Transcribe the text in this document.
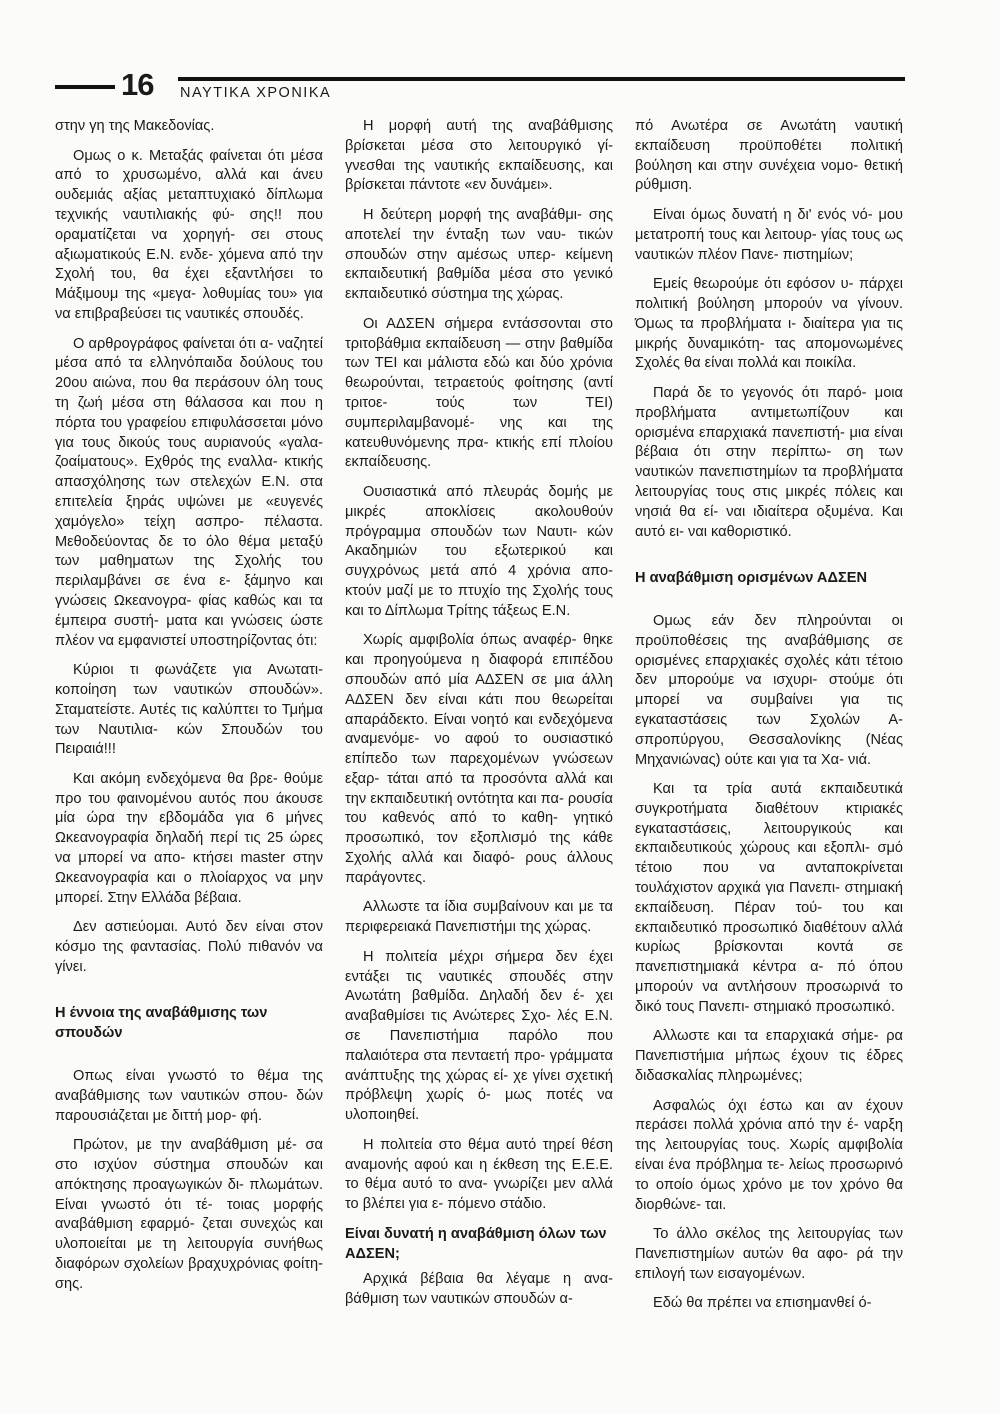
16 ΝΑΥΤΙΚΑ ΧΡΟΝΙΚΑ

στην γη της Μακεδονίας.

Ομως ο κ. Μεταξάς φαίνεται ότι μέσα από το χρυσωμένο, αλλά και άνευ ουδεμιάς αξίας μεταπτυχιακό δίπλωμα τεχνικής ναυτιλιακής φύ- σης!! που οραματίζεται να χορηγή- σει στους αξιωματικούς Ε.Ν. ενδε- χόμενα από την Σχολή του, θα έχει εξαντλήσει το Μάξιμουμ της «μεγα- λοθυμίας του» για να επιβραβεύσει τις ναυτικές σπουδές.

Ο αρθρογράφος φαίνεται ότι α- ναζητεί μέσα από τα ελληνόπαιδα δούλους του 20ου αιώνα, που θα περάσουν όλη τους τη ζωή μέσα στη θάλασσα και που η πόρτα του γραφείου επιφυλάσσεται μόνο για τους δικούς τους αυριανούς «γαλα- ζοαίματους». Εχθρός της εναλλα- κτικής απασχόλησης των στελεχών Ε.Ν. στα επιτελεία ξηράς υψώνει με «ευγενές χαμόγελο» τείχη ασπρο- πέλαστα. Μεθοδεύοντας δε το όλο θέμα μεταξύ των μαθηματων της Σχολής του περιλαμβάνει σε ένα ε- ξάμηνο και γνώσεις Ωκεανογρα- φίας καθώς και τα έμπειρα συστή- ματα και γνώσεις ώστε πλέον να εμφανιστεί υποστηρίζοντας ότι:

Κύριοι τι φωνάζετε για Ανωτατι- κοποίηση των ναυτικών σπουδών». Σταματείστε. Αυτές τις καλύπτει το Τμήμα των Ναυτιλια- κών Σπουδών του Πειραιά!!!

Και ακόμη ενδεχόμενα θα βρε- θούμε προ του φαινομένου αυτός που άκουσε μία ώρα την εβδομάδα για 6 μήνες Ωκεανογραφία δηλαδή περί τις 25 ώρες να μπορεί να απο- κτήσει master στην Ωκεανογραφία και ο πλοίαρχος να μην μπορεί. Στην Ελλάδα βέβαια.

Δεν αστιεύομαι. Αυτό δεν είναι στον κόσμο της φαντασίας. Πολύ πιθανόν να γίνει.

Η έννοια της αναβάθμισης των σπουδών

Οπως είναι γνωστό το θέμα της αναβάθμισης των ναυτικών σπου- δών παρουσιάζεται με διττή μορ- φή.

Πρώτον, με την αναβάθμιση μέ- σα στο ισχύον σύστημα σπουδών και απόκτησης προαγωγικών δι- πλωμάτων. Είναι γνωστό ότι τέ- τοιας μορφής αναβάθμιση εφαρμό- ζεται συνεχώς και υλοποιείται με τη λειτουργία συνήθως διαφόρων σχολείων βραχυχρόνιας φοίτη- σης.

Η μορφή αυτή της αναβάθμισης βρίσκεται μέσα στο λειτουργικό γί- γνεσθαι της ναυτικής εκπαίδευσης, και βρίσκεται πάντοτε «εν δυνάμει».

Η δεύτερη μορφή της αναβάθμι- σης αποτελεί την ένταξη των ναυ- τικών σπουδών στην αμέσως υπερ- κείμενη εκπαιδευτική βαθμίδα μέσα στο γενικό εκπαιδευτικό σύστημα της χώρας.

Οι ΑΔΣΕΝ σήμερα εντάσσονται στο τριτοβάθμια εκπαίδευση — στην βαθμίδα των ΤΕΙ και μάλιστα εδώ και δύο χρόνια θεωρούνται, τετραετούς φοίτησης (αντί τριτοε- τούς των ΤΕΙ) συμπεριλαμβανομέ- νης και της κατευθυνόμενης πρα- κτικής επί πλοίου εκπαίδευσης.

Ουσιαστικά από πλευράς δομής με μικρές αποκλίσεις ακολουθούν πρόγραμμα σπουδών των Ναυτι- κών Ακαδημιών του εξωτερικού και συγχρόνως μετά από 4 χρόνια απο- κτούν μαζί με το πτυχίο της Σχολής τους και το Δίπλωμα Τρίτης τάξεως Ε.Ν.

Χωρίς αμφιβολία όπως αναφέρ- θηκε και προηγούμενα η διαφορά επιπέδου σπουδών από μία ΑΔΣΕΝ σε μια άλλη ΑΔΣΕΝ δεν είναι κάτι που θεωρείται απαράδεκτο. Είναι νοητό και ενδεχόμενα αναμενόμε- νο αφού το ουσιαστικό επίπεδο των παρεχομένων γνώσεων εξαρ- τάται από τα προσόντα αλλά και την εκπαιδευτική οντότητα και πα- ρουσία του καθενός από το καθη- γητικό προσωπικό, τον εξοπλισμό της κάθε Σχολής αλλά και διαφό- ρους άλλους παράγοντες.

Αλλωστε τα ίδια συμβαίνουν και με τα περιφερειακά Πανεπιστήμι της χώρας.

Η πολιτεία μέχρι σήμερα δεν έχει εντάξει τις ναυτικές σπουδές στην Ανωτάτη βαθμίδα. Δηλαδή δεν έ- χει αναβαθμίσει τις Ανώτερες Σχο- λές Ε.Ν. σε Πανεπιστήμια παρόλο που παλαιότερα στα πενταετή προ- γράμματα ανάπτυξης της χώρας εί- χε γίνει σχετική πρόβλεψη χωρίς ό- μως ποτές να υλοποιηθεί.

Η πολιτεία στο θέμα αυτό τηρεί θέση αναμονής αφού και η έκθεση της Ε.Ε.Ε. το θέμα αυτό το ανα- γνωρίζει μεν αλλά το βλέπει για ε- πόμενο στάδιο.

Είναι δυνατή η αναβάθμιση όλων των ΑΔΣΕΝ;

Αρχικά βέβαια θα λέγαμε η ανα- βάθμιση των ναυτικών σπουδών α-

πό Ανωτέρα σε Ανωτάτη ναυτική εκπαίδευση προϋποθέτει πολιτική βούληση και στην συνέχεια νομο- θετική ρύθμιση.

Είναι όμως δυνατή η δι' ενός νό- μου μετατροπή τους και λειτουρ- γίας τους ως ναυτικών πλέον Πανε- πιστημίων;

Εμείς θεωρούμε ότι εφόσον υ- πάρχει πολιτική βούληση μπορούν να γίνουν. Όμως τα προβλήματα ι- διαίτερα για τις μικρής δυναμικότη- τας απομονωμένες Σχολές θα είναι πολλά και ποικίλα.

Παρά δε το γεγονός ότι παρό- μοια προβλήματα αντιμετωπίζουν και ορισμένα επαρχιακά πανεπιστή- μια είναι βέβαια ότι στην περίπτω- ση των ναυτικών πανεπιστημίων τα προβλήματα λειτουργίας τους στις μικρές πόλεις και νησιά θα εί- ναι ιδιαίτερα οξυμένα. Και αυτό ει- ναι καθοριστικό.

Η αναβάθμιση ορισμένων ΑΔΣΕΝ

Ομως εάν δεν πληρούνται οι προϋποθέσεις της αναβάθμισης σε ορισμένες επαρχιακές σχολές κάτι τέτοιο δεν μπορούμε να ισχυρι- στούμε ότι μπορεί να συμβαίνει για τις εγκαταστάσεις των Σχολών Α- σπροπύργου, Θεσσαλονίκης (Νέας Μηχανιώνας) ούτε και για τα Χα- νιά.

Και τα τρία αυτά εκπαιδευτικά συγκροτήματα διαθέτουν κτιριακές εγκαταστάσεις, λειτουργικούς και εκπαιδευτικούς χώρους και εξοπλι- σμό τέτοιο που να ανταποκρίνεται τουλάχιστον αρχικά για Πανεπι- στημιακή εκπαίδευση. Πέραν τού- του και εκπαιδευτικό προσωπικό διαθέτουν αλλά κυρίως βρίσκονται κοντά σε πανεπιστημιακά κέντρα α- πό όπου μπορούν να αντλήσουν προσωρινά το δικό τους Πανεπι- στημιακό προσωπικό.

Αλλωστε και τα επαρχιακά σήμε- ρα Πανεπιστήμια μήπως έχουν τις έδρες διδασκαλίας πληρωμένες;

Ασφαλώς όχι έστω και αν έχουν περάσει πολλά χρόνια από την έ- ναρξη της λειτουργίας τους. Χωρίς αμφιβολία είναι ένα πρόβλημα τε- λείως προσωρινό το οποίο όμως χρόνο με τον χρόνο θα διορθώνε- ται.

Το άλλο σκέλος της λειτουργίας των Πανεπιστημίων αυτών θα αφο- ρά την επιλογή των εισαγομένων.

Εδώ θα πρέπει να επισημανθεί ό-
